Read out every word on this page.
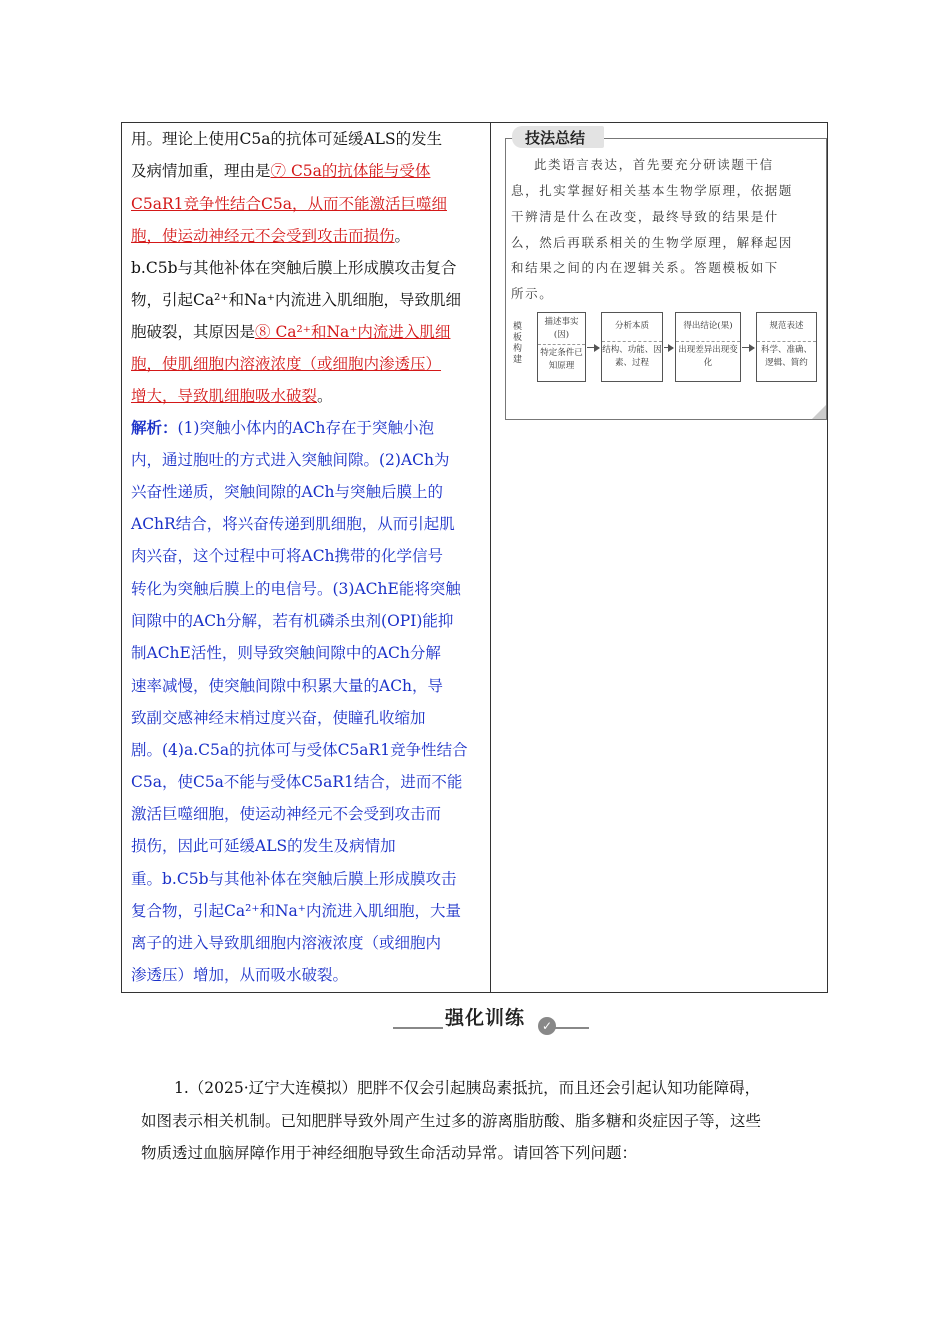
用。理论上使用C5a的抗体可延缓ALS的发生
及病情加重，理由是⑦ C5a的抗体能与受体
C5aR1竞争性结合C5a，从而不能激活巨噬细
胞，使运动神经元不会受到攻击而损伤。
b.C5b与其他补体在突触后膜上形成膜攻击复合
物，引起Ca²⁺和Na⁺内流进入肌细胞，导致肌细
胞破裂，其原因是⑧ Ca²⁺和Na⁺内流进入肌细
胞，使肌细胞内溶液浓度（或细胞内渗透压）
增大，导致肌细胞吸水破裂。
解析：(1)突触小体内的ACh存在于突触小泡
内，通过胞吐的方式进入突触间隙。(2)ACh为
兴奋性递质，突触间隙的ACh与突触后膜上的
AChR结合，将兴奋传递到肌细胞，从而引起肌
肉兴奋，这个过程中可将ACh携带的化学信号
转化为突触后膜上的电信号。(3)AChE能将突触
间隙中的ACh分解，若有机磷杀虫剂(OPI)能抑
制AChE活性，则导致突触间隙中的ACh分解
速率减慢，使突触间隙中积累大量的ACh，导
致副交感神经末梢过度兴奋，使瞳孔收缩加
剧。(4)a.C5a的抗体可与受体C5aR1竞争性结合
C5a，使C5a不能与受体C5aR1结合，进而不能
激活巨噬细胞，使运动神经元不会受到攻击而
损伤，因此可延缓ALS的发生及病情加
重。b.C5b与其他补体在突触后膜上形成膜攻击
复合物，引起Ca²⁺和Na⁺内流进入肌细胞，大量
离子的进入导致肌细胞内溶液浓度（或细胞内
渗透压）增加，从而吸水破裂。
技法总结
此类语言表达，首先要充分研读题干信
息，扎实掌握好相关基本生物学原理，依据题
干辨清是什么在改变，最终导致的结果是什
么，然后再联系相关的生物学原理，解释起因
和结果之间的内在逻辑关系。答题模板如下
所示。
模板构建
描述事实(因)
特定条件已知原理
分析本质
结构、功能、因素、过程
得出结论(果)
出现差异出现变化
规范表述
科学、准确、逻辑、简约
强化训练	✓
1.（2025·辽宁大连模拟）肥胖不仅会引起胰岛素抵抗，而且还会引起认知功能障碍，
如图表示相关机制。已知肥胖导致外周产生过多的游离脂肪酸、脂多糖和炎症因子等，这些
物质透过血脑屏障作用于神经细胞导致生命活动异常。请回答下列问题：
